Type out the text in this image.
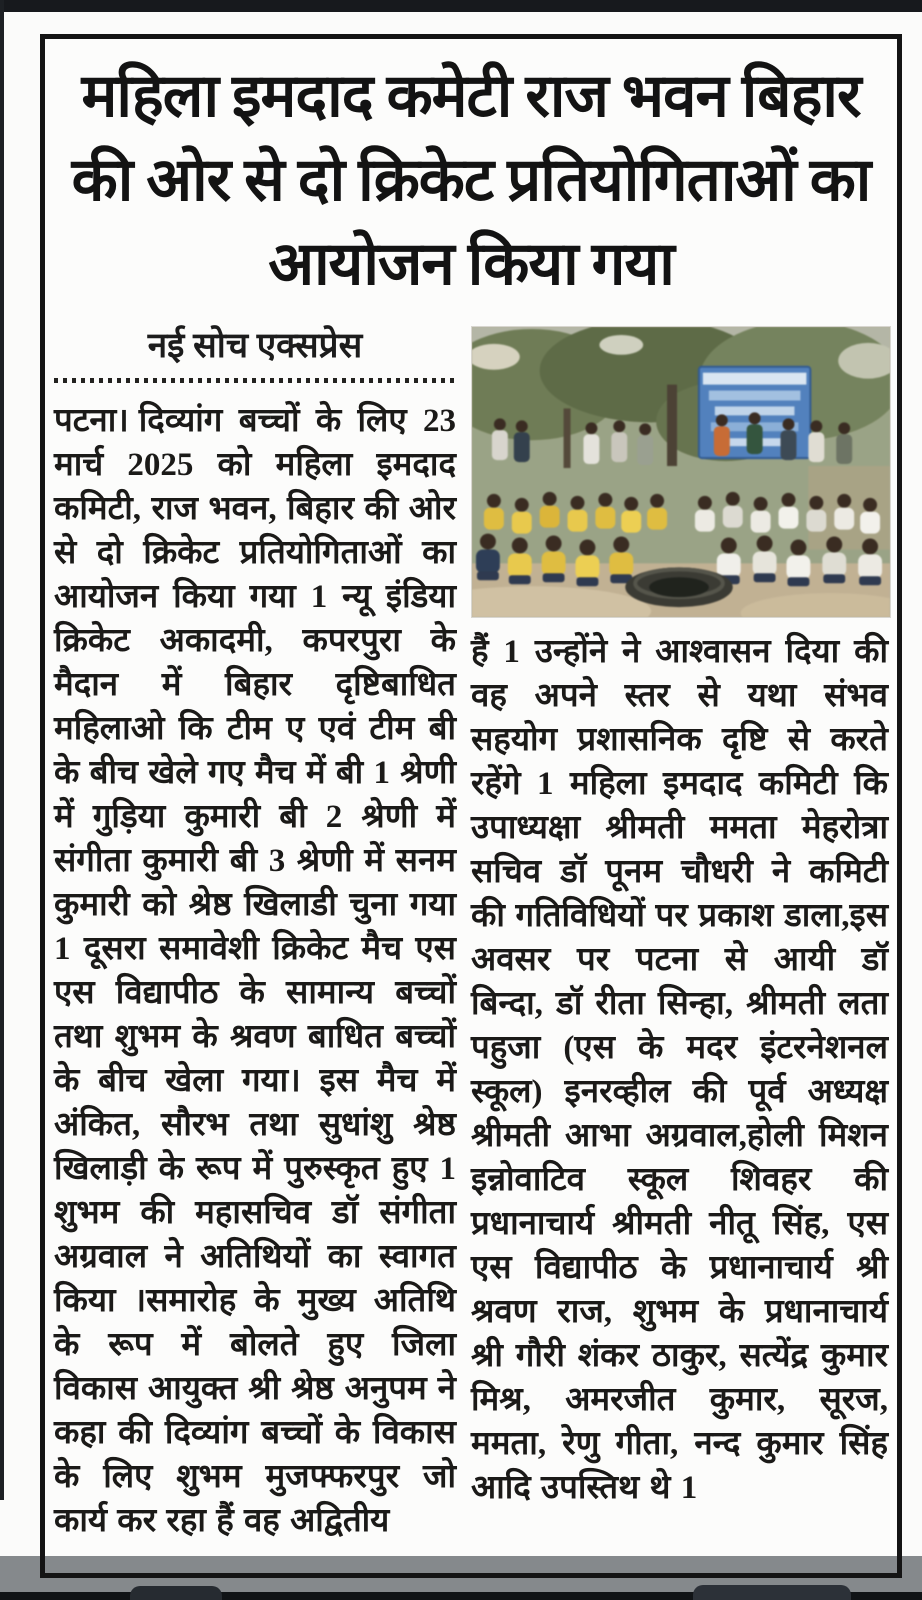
महिला इमदाद कमेटी राज भवन बिहार
की ओर से दो क्रिकेट प्रतियोगिताओं का
आयोजन किया गया
नई सोच एक्सप्रेस

पटना। दिव्यांग बच्चों के लिए 23 मार्च 2025 को महिला इमदाद कमिटी, राज भवन, बिहार की ओर से दो क्रिकेट प्रतियोगिताओं का आयोजन किया गया 1 न्यू इंडिया क्रिकेट अकादमी, कपरपुरा के मैदान में बिहार दृष्टिबाधित महिलाओ कि टीम ए एवं टीम बी के बीच खेले गए मैच में बी 1 श्रेणी में गुड़िया कुमारी बी 2 श्रेणी में संगीता कुमारी बी 3 श्रेणी में सनम कुमारी को श्रेष्ठ खिलाडी चुना गया 1 दूसरा समावेशी क्रिकेट मैच एस एस विद्यापीठ के सामान्य बच्चों तथा शुभम के श्रवण बाधित बच्चों के बीच खेला गया। इस मैच में अंकित, सौरभ तथा सुधांशु श्रेष्ठ खिलाड़ी के रूप में पुरुस्कृत हुए 1 शुभम की महासचिव डॉ संगीता अग्रवाल ने अतिथियों का स्वागत किया ।समारोह के मुख्य अतिथि के रूप में बोलते हुए जिला विकास आयुक्त श्री श्रेष्ठ अनुपम ने कहा की दिव्यांग बच्चों के विकास के लिए शुभम मुजफ्फरपुर जो कार्य कर रहा हैं वह अद्वितीय

हैं 1 उन्होंने ने आश्वासन दिया की वह अपने स्तर से यथा संभव सहयोग प्रशासनिक दृष्टि से करते रहेंगे 1 महिला इमदाद कमिटी कि उपाध्यक्षा श्रीमती ममता मेहरोत्रा सचिव डॉ पूनम चौधरी ने कमिटी की गतिविधियों पर प्रकाश डाला,इस अवसर पर पटना से आयी डॉ बिन्दा, डॉ रीता सिन्हा, श्रीमती लता पहुजा (एस के मदर इंटरनेशनल स्कूल) इनरव्हील की पूर्व अध्यक्ष श्रीमती आभा अग्रवाल,होली मिशन इन्नोवाटिव स्कूल शिवहर की प्रधानाचार्य श्रीमती नीतू सिंह, एस एस विद्यापीठ के प्रधानाचार्य श्री श्रवण राज, शुभम के प्रधानाचार्य श्री गौरी शंकर ठाकुर, सत्येंद्र कुमार मिश्र, अमरजीत कुमार, सूरज, ममता, रेणु गीता, नन्द कुमार सिंह आदि उपस्तिथ थे 1
